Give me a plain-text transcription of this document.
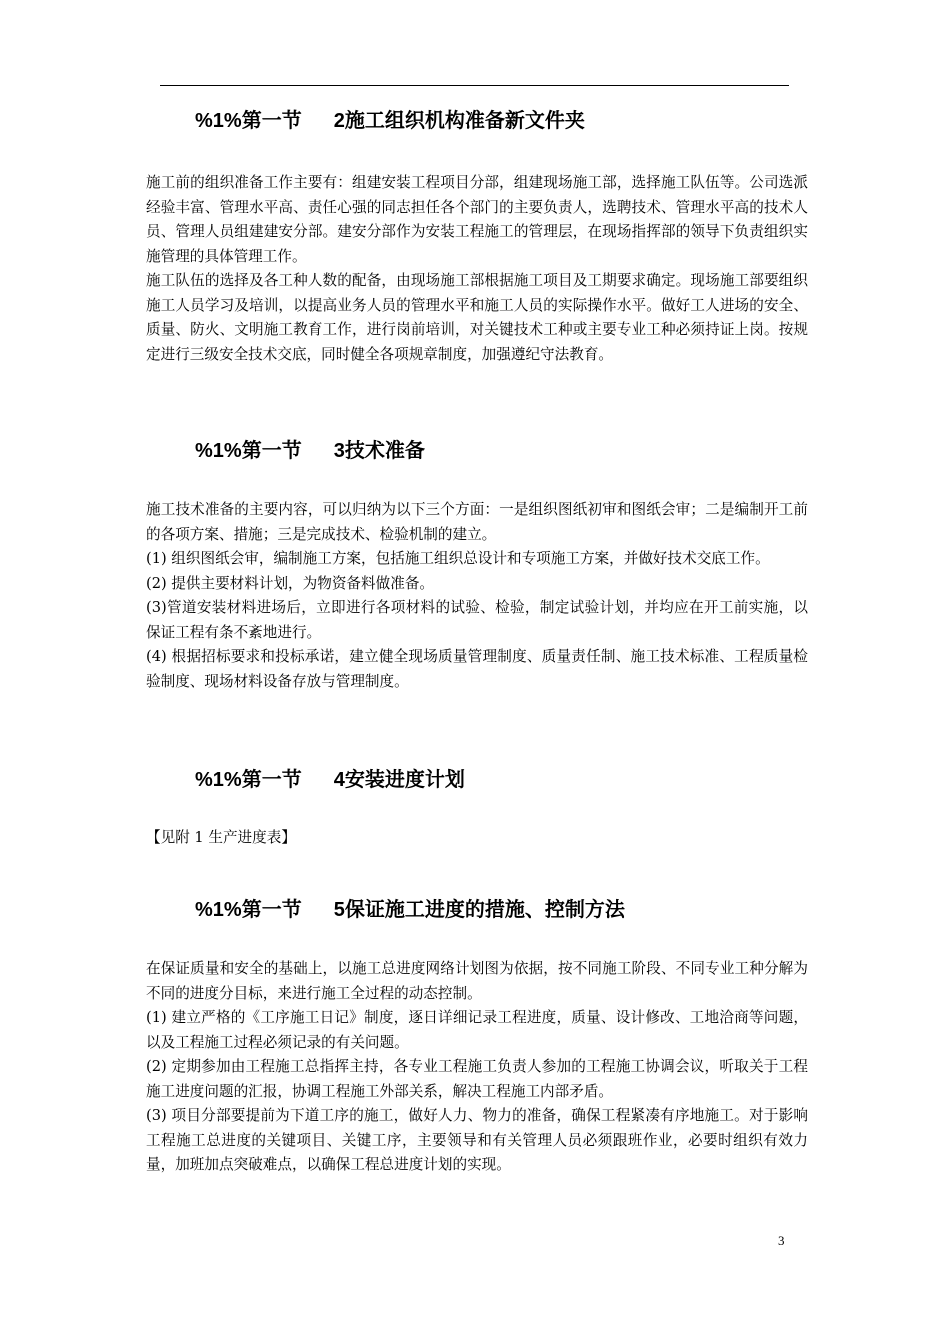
%1%第一节 2施工组织机构准备新文件夹

施工前的组织准备工作主要有：组建安装工程项目分部，组建现场施工部，选择施工队伍等。公司选派经验丰富、管理水平高、责任心强的同志担任各个部门的主要负责人，选聘技术、管理水平高的技术人员、管理人员组建建安分部。建安分部作为安装工程施工的管理层，在现场指挥部的领导下负责组织实施管理的具体管理工作。

施工队伍的选择及各工种人数的配备，由现场施工部根据施工项目及工期要求确定。现场施工部要组织施工人员学习及培训，以提高业务人员的管理水平和施工人员的实际操作水平。做好工人进场的安全、质量、防火、文明施工教育工作，进行岗前培训，对关键技术工种或主要专业工种必须持证上岗。按规定进行三级安全技术交底，同时健全各项规章制度，加强遵纪守法教育。

%1%第一节 3技术准备

施工技术准备的主要内容，可以归纳为以下三个方面：一是组织图纸初审和图纸会审；二是编制开工前的各项方案、措施；三是完成技术、检验机制的建立。

(1) 组织图纸会审，编制施工方案，包括施工组织总设计和专项施工方案，并做好技术交底工作。

(2) 提供主要材料计划，为物资备料做准备。

(3)管道安装材料进场后，立即进行各项材料的试验、检验，制定试验计划，并均应在开工前实施，以保证工程有条不紊地进行。

(4) 根据招标要求和投标承诺，建立健全现场质量管理制度、质量责任制、施工技术标准、工程质量检验制度、现场材料设备存放与管理制度。

%1%第一节 4安装进度计划

【见附 1 生产进度表】

%1%第一节 5保证施工进度的措施、控制方法

在保证质量和安全的基础上，以施工总进度网络计划图为依据，按不同施工阶段、不同专业工种分解为不同的进度分目标，来进行施工全过程的动态控制。

(1) 建立严格的《工序施工日记》制度，逐日详细记录工程进度，质量、设计修改、工地洽商等问题，以及工程施工过程必须记录的有关问题。

(2) 定期参加由工程施工总指挥主持，各专业工程施工负责人参加的工程施工协调会议，听取关于工程施工进度问题的汇报，协调工程施工外部关系，解决工程施工内部矛盾。

(3) 项目分部要提前为下道工序的施工，做好人力、物力的准备，确保工程紧凑有序地施工。对于影响工程施工总进度的关键项目、关键工序，主要领导和有关管理人员必须跟班作业，必要时组织有效力量，加班加点突破难点，以确保工程总进度计划的实现。

3
